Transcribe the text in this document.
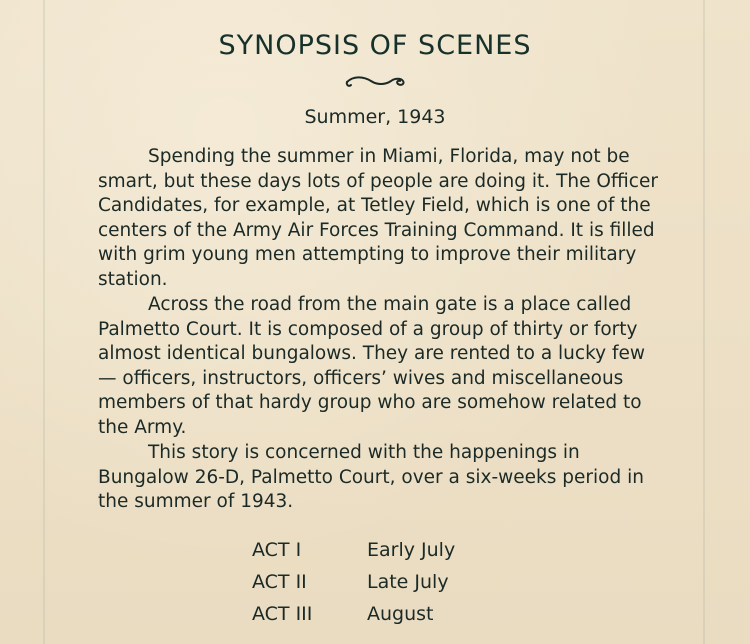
SYNOPSIS OF SCENES
Summer, 1943

Spending the summer in Miami, Florida, may not be smart, but these days lots of people are doing it. The Officer Candidates, for example, at Tetley Field, which is one of the centers of the Army Air Forces Training Command. It is filled with grim young men attempting to improve their military station.

Across the road from the main gate is a place called Palmetto Court. It is composed of a group of thirty or forty almost identical bungalows. They are rented to a lucky few — officers, instructors, officers’ wives and miscellaneous members of that hardy group who are somehow related to the Army.

This story is concerned with the happenings in Bungalow 26-D, Palmetto Court, over a six-weeks period in the summer of 1943.

ACT I	Early July
ACT II	Late July
ACT III	August
